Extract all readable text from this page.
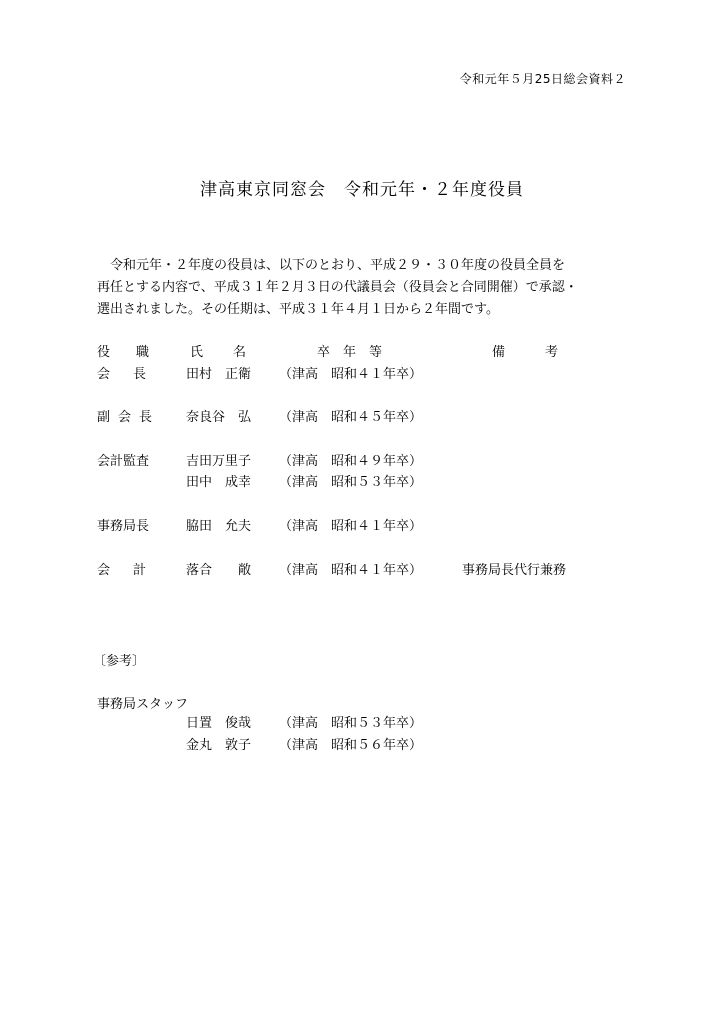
令和元年５月25日総会資料２
津高東京同窓会　令和元年・２年度役員

令和元年・２年度の役員は、以下のとおり、平成２９・３０年度の役員全員を

再任とする内容で、平成３１年２月３日の代議員会（役員会と合同開催）で承認・

選出されました。その任期は、平成３１年４月１日から２年間です。

役職 氏名	卒年等	備考
会長 田村　正衛 （津高　昭和４１年卒）
副会長 奈良谷　弘 （津高　昭和４５年卒）
会計監査	吉田万里子 （津高　昭和４９年卒）
田中　成幸 （津高　昭和５３年卒）
事務局長	脇田　允夫 （津高　昭和４１年卒）
会計 落合　　敞 （津高　昭和４１年卒）	事務局長代行兼務
〔参考〕
事務局スタッフ
日置　俊哉 （津高　昭和５３年卒）
金丸　敦子 （津高　昭和５６年卒）
